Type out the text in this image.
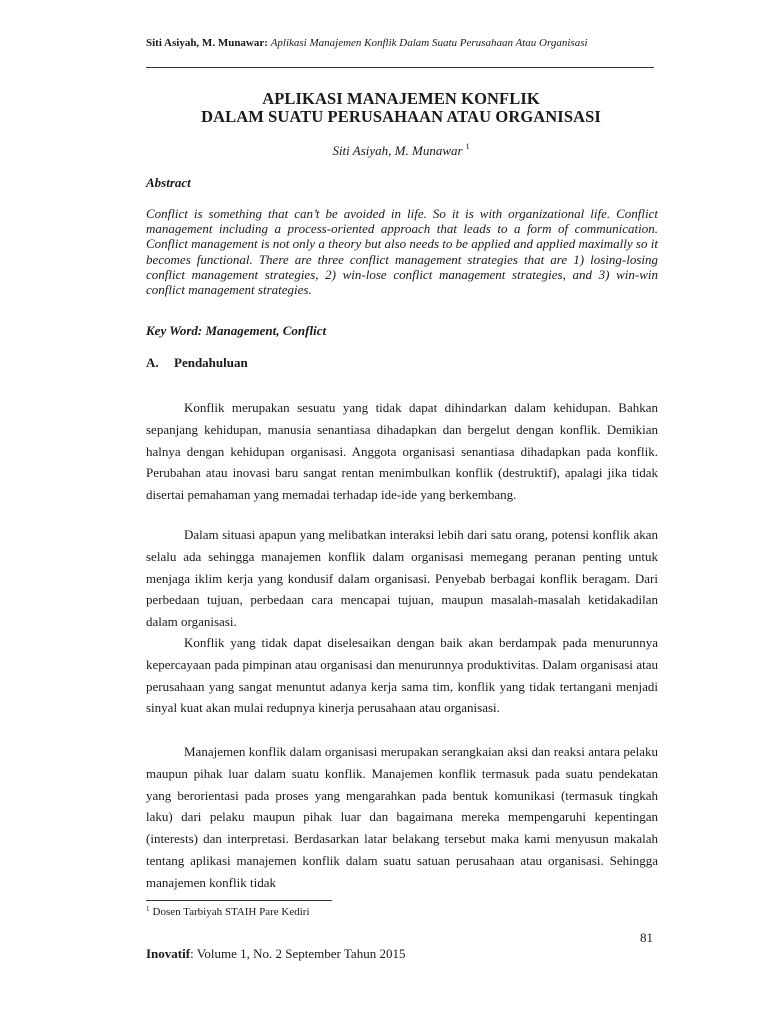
Siti Asiyah, M. Munawar: Aplikasi Manajemen Konflik Dalam Suatu Perusahaan Atau Organisasi
APLIKASI MANAJEMEN KONFLIK
DALAM SUATU PERUSAHAAN ATAU ORGANISASI
Siti Asiyah, M. Munawar $^1$
Abstract
Conflict is something that can’t be avoided in life. So it is with organizational life. Conflict management including a process-oriented approach that leads to a form of communication. Conflict management is not only a theory but also needs to be applied and applied maximally so it becomes functional. There are three conflict management strategies that are 1) losing-losing conflict management strategies, 2) win-lose conflict management strategies, and 3) win-win conflict management strategies.
Key Word: Management, Conflict
A. Pendahuluan

Konflik merupakan sesuatu yang tidak dapat dihindarkan dalam kehidupan. Bahkan sepanjang kehidupan, manusia senantiasa dihadapkan dan bergelut dengan konflik. Demikian halnya dengan kehidupan organisasi. Anggota organisasi senantiasa dihadapkan pada konflik. Perubahan atau inovasi baru sangat rentan menimbulkan konflik (destruktif), apalagi jika tidak disertai pemahaman yang memadai terhadap ide-ide yang berkembang.

Dalam situasi apapun yang melibatkan interaksi lebih dari satu orang, potensi konflik akan selalu ada sehingga manajemen konflik dalam organisasi memegang peranan penting untuk menjaga iklim kerja yang kondusif dalam organisasi. Penyebab berbagai konflik beragam. Dari perbedaan tujuan, perbedaan cara mencapai tujuan, maupun masalah-masalah ketidakadilan dalam organisasi.

Konflik yang tidak dapat diselesaikan dengan baik akan berdampak pada menurunnya kepercayaan pada pimpinan atau organisasi dan menurunnya produktivitas. Dalam organisasi atau perusahaan yang sangat menuntut adanya kerja sama tim, konflik yang tidak tertangani menjadi sinyal kuat akan mulai redupnya kinerja perusahaan atau organisasi.

Manajemen konflik dalam organisasi merupakan serangkaian aksi dan reaksi antara pelaku maupun pihak luar dalam suatu konflik. Manajemen konflik termasuk pada suatu pendekatan yang berorientasi pada proses yang mengarahkan pada bentuk komunikasi (termasuk tingkah laku) dari pelaku maupun pihak luar dan bagaimana mereka mempengaruhi kepentingan (interests) dan interpretasi. Berdasarkan latar belakang tersebut maka kami menyusun makalah tentang aplikasi manajemen konflik dalam suatu satuan perusahaan atau organisasi. Sehingga manajemen konflik tidak

$^1$ Dosen Tarbiyah STAIH Pare Kediri
81
Inovatif: Volume 1, No. 2 September Tahun 2015
